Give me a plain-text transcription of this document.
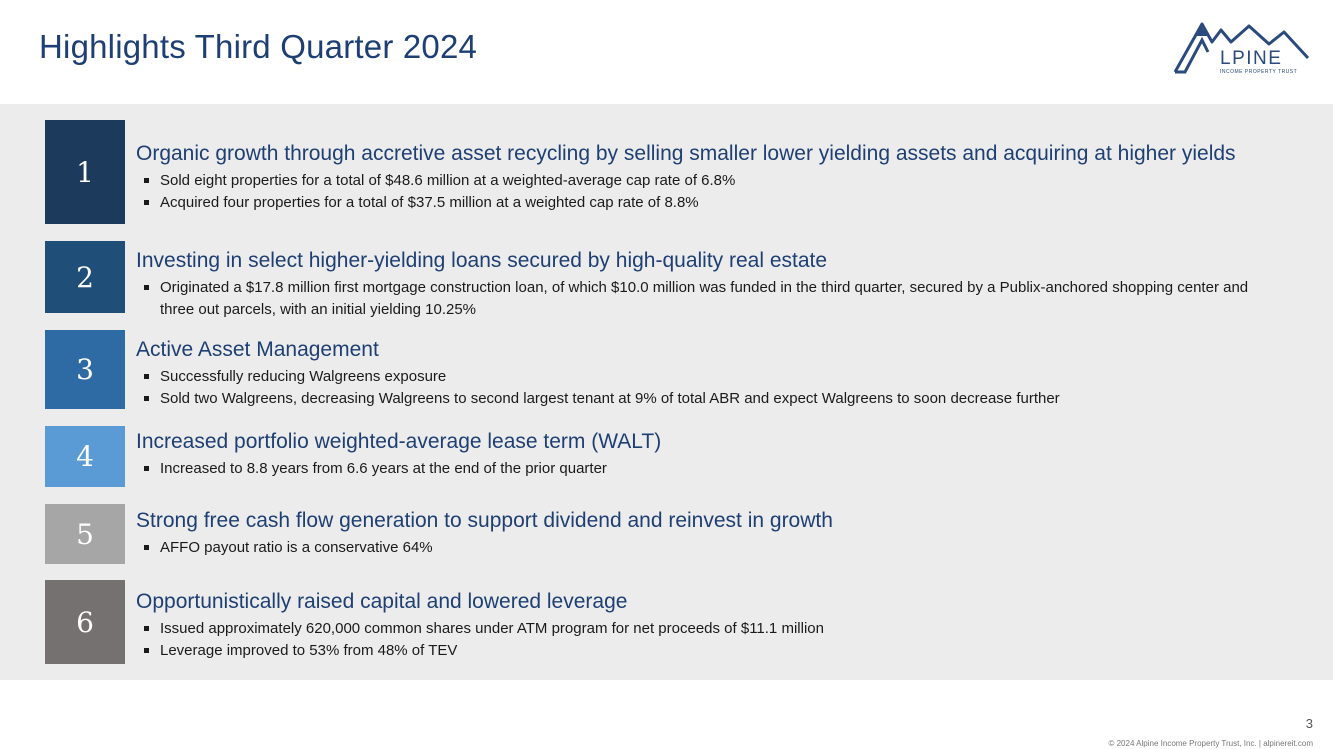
Highlights Third Quarter 2024	LPINE
INCOME PROPERTY TRUST
1
Organic growth through accretive asset recycling by selling smaller lower yielding assets and acquiring at higher yields
Sold eight properties for a total of $48.6 million at a weighted-average cap rate of 6.8%
Acquired four properties for a total of $37.5 million at a weighted cap rate of 8.8%
2	Investing in select higher-yielding loans secured by high-quality real estate
Originated a $17.8 million first mortgage construction loan, of which $10.0 million was funded in the third quarter, secured by a Publix-anchored shopping center and three out parcels, with an initial yielding 10.25%
3
Active Asset Management
Successfully reducing Walgreens exposure
Sold two Walgreens, decreasing Walgreens to second largest tenant at 9% of total ABR and expect Walgreens to soon decrease further
4	Increased portfolio weighted-average lease term (WALT)
Increased to 8.8 years from 6.6 years at the end of the prior quarter
5	Strong free cash flow generation to support dividend and reinvest in growth
AFFO payout ratio is a conservative 64%
6
Opportunistically raised capital and lowered leverage
Issued approximately 620,000 common shares under ATM program for net proceeds of $11.1 million
Leverage improved to 53% from 48% of TEV
3
© 2024 Alpine Income Property Trust, Inc. | alpinereit.com
